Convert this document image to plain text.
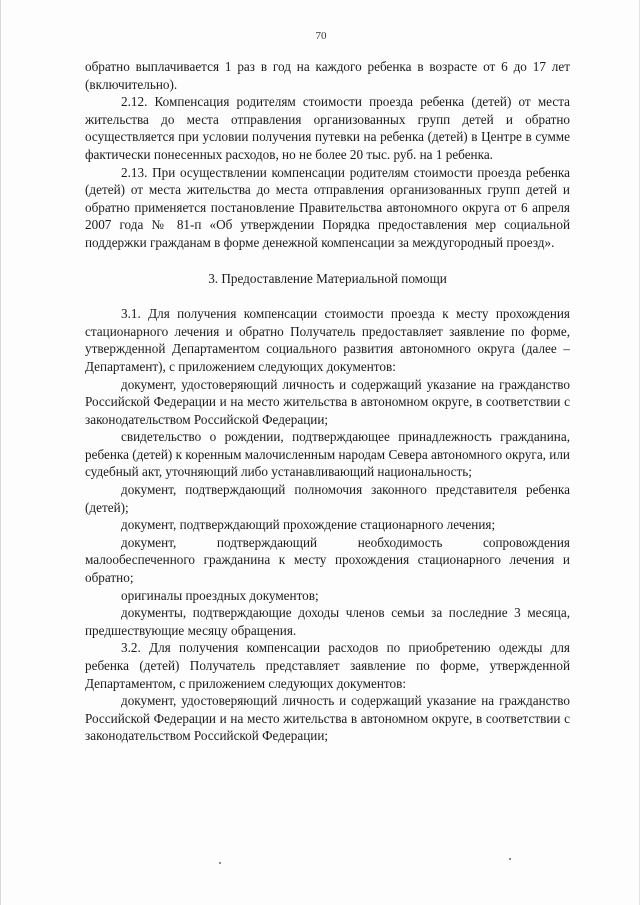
70

обратно выплачивается 1 раз в год на каждого ребенка в возрасте от 6 до 17 лет (включительно).

2.12. Компенсация родителям стоимости проезда ребенка (детей) от места жительства до места отправления организованных групп детей и обратно осуществляется при условии получения путевки на ребенка (детей) в Центре в сумме фактически понесенных расходов, но не более 20 тыс. руб. на 1 ребенка.

2.13. При осуществлении компенсации родителям стоимости проезда ребенка (детей) от места жительства до места отправления организованных групп детей и обратно применяется постановление Правительства автономного округа от 6 апреля 2007 года № 81-п «Об утверждении Порядка предоставления мер социальной поддержки гражданам в форме денежной компенсации за междугородный проезд».

3. Предоставление Материальной помощи

3.1. Для получения компенсации стоимости проезда к месту прохождения стационарного лечения и обратно Получатель предоставляет заявление по форме, утвержденной Департаментом социального развития автономного округа (далее – Департамент), с приложением следующих документов:

документ, удостоверяющий личность и содержащий указание на гражданство Российской Федерации и на место жительства в автономном округе, в соответствии с законодательством Российской Федерации;

свидетельство о рождении, подтверждающее принадлежность гражданина, ребенка (детей) к коренным малочисленным народам Севера автономного округа, или судебный акт, уточняющий либо устанавливающий национальность;

документ, подтверждающий полномочия законного представителя ребенка (детей);

документ, подтверждающий прохождение стационарного лечения;

документ, подтверждающий необходимость сопровождения малообеспеченного гражданина к месту прохождения стационарного лечения и обратно;

оригиналы проездных документов;

документы, подтверждающие доходы членов семьи за последние 3 месяца, предшествующие месяцу обращения.

3.2. Для получения компенсации расходов по приобретению одежды для ребенка (детей) Получатель представляет заявление по форме, утвержденной Департаментом, с приложением следующих документов:

документ, удостоверяющий личность и содержащий указание на гражданство Российской Федерации и на место жительства в автономном округе, в соответствии с законодательством Российской Федерации;
